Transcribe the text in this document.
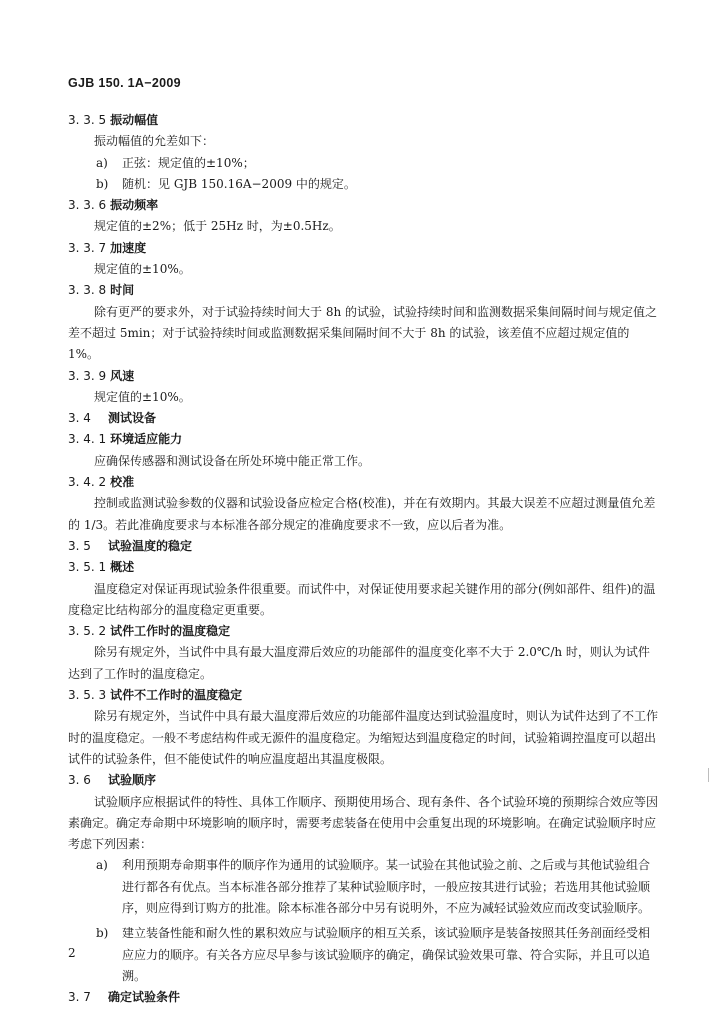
GJB 150. 1A−2009

3. 3. 5 振动幅值

振动幅值的允差如下：

a) 正弦：规定值的±10%；

b) 随机：见 GJB 150.16A−2009 中的规定。

3. 3. 6 振动频率

规定值的±2%；低于 25Hz 时，为±0.5Hz。

3. 3. 7 加速度

规定值的±10%。

3. 3. 8 时间

除有更严的要求外，对于试验持续时间大于 8h 的试验，试验持续时间和监测数据采集间隔时间与规定值之差不超过 5min；对于试验持续时间或监测数据采集间隔时间不大于 8h 的试验，该差值不应超过规定值的 1%。

3. 3. 9 风速

规定值的±10%。

3. 4 测试设备

3. 4. 1 环境适应能力

应确保传感器和测试设备在所处环境中能正常工作。

3. 4. 2 校准

控制或监测试验参数的仪器和试验设备应检定合格(校准)，并在有效期内。其最大误差不应超过测量值允差的 1/3。若此准确度要求与本标准各部分规定的准确度要求不一致，应以后者为准。

3. 5 试验温度的稳定

3. 5. 1 概述

温度稳定对保证再现试验条件很重要。而试件中，对保证使用要求起关键作用的部分(例如部件、组件)的温度稳定比结构部分的温度稳定更重要。

3. 5. 2 试件工作时的温度稳定

除另有规定外，当试件中具有最大温度滞后效应的功能部件的温度变化率不大于 2.0℃/h 时，则认为试件达到了工作时的温度稳定。

3. 5. 3 试件不工作时的温度稳定

除另有规定外，当试件中具有最大温度滞后效应的功能部件温度达到试验温度时，则认为试件达到了不工作时的温度稳定。一般不考虑结构件或无源件的温度稳定。为缩短达到温度稳定的时间，试验箱调控温度可以超出试件的试验条件，但不能使试件的响应温度超出其温度极限。

3. 6 试验顺序

试验顺序应根据试件的特性、具体工作顺序、预期使用场合、现有条件、各个试验环境的预期综合效应等因素确定。确定寿命期中环境影响的顺序时，需要考虑装备在使用中会重复出现的环境影响。在确定试验顺序时应考虑下列因素：

a) 利用预期寿命期事件的顺序作为通用的试验顺序。某一试验在其他试验之前、之后或与其他试验组合进行都各有优点。当本标准各部分推荐了某种试验顺序时，一般应按其进行试验；若选用其他试验顺序，则应得到订购方的批准。除本标准各部分中另有说明外，不应为减轻试验效应而改变试验顺序。

b) 建立装备性能和耐久性的累积效应与试验顺序的相互关系，该试验顺序是装备按照其任务剖面经受相应应力的顺序。有关各方应尽早参与该试验顺序的确定，确保试验效果可靠、符合实际，并且可以追溯。

3. 7 确定试验条件

2
